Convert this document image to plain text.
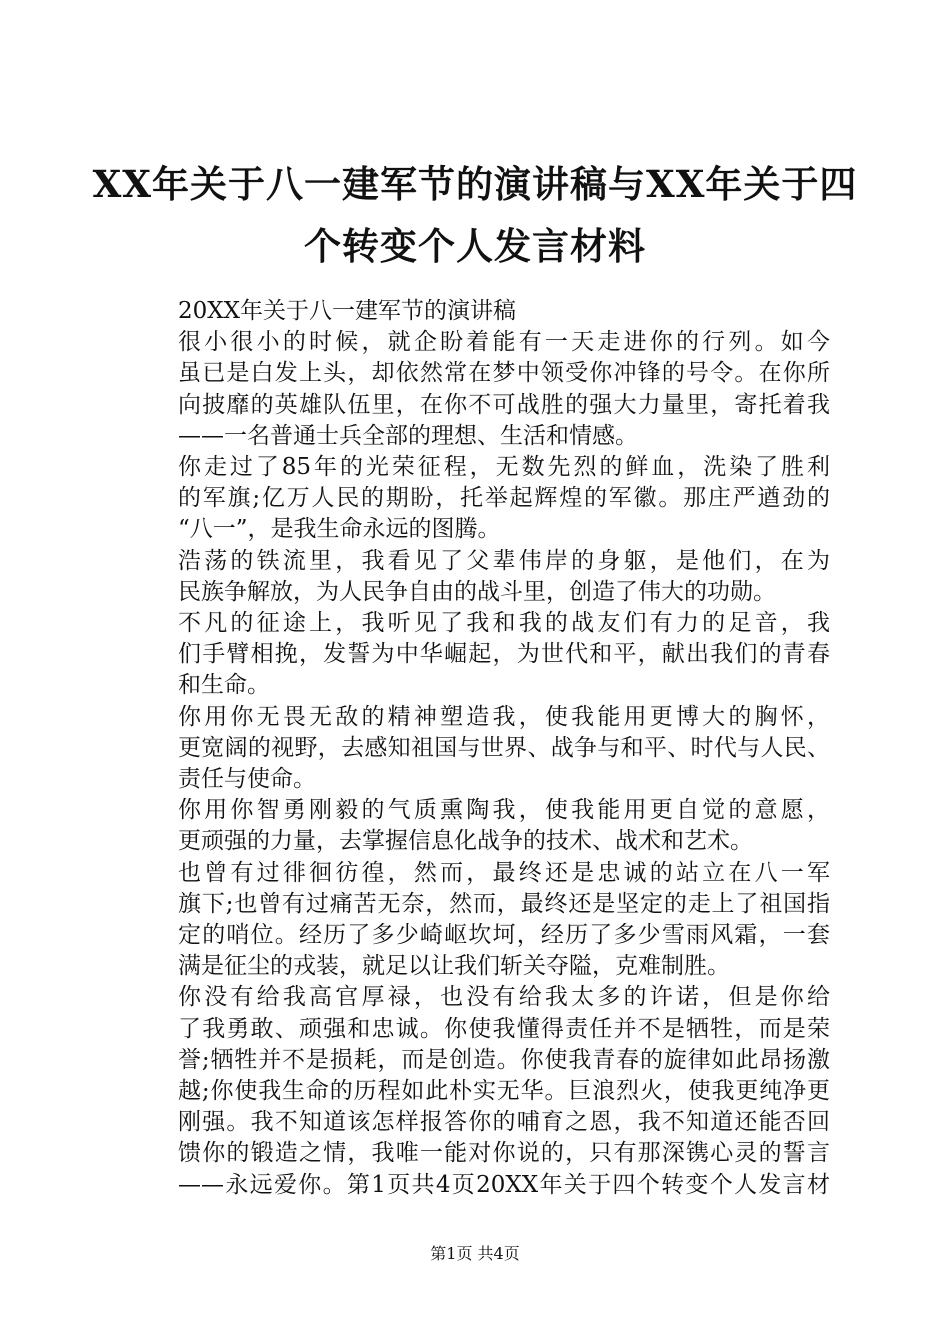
XX年关于八一建军节的演讲稿与XX年关于四
个转变个人发言材料

20XX年关于八一建军节的演讲稿

很小很小的时候，就企盼着能有一天走进你的行列。如今
虽已是白发上头，却依然常在梦中领受你冲锋的号令。在你所
向披靡的英雄队伍里，在你不可战胜的强大力量里，寄托着我
——一名普通士兵全部的理想、生活和情感。

你走过了85年的光荣征程，无数先烈的鲜血，洗染了胜利
的军旗;亿万人民的期盼，托举起辉煌的军徽。那庄严遒劲的
“八一”，是我生命永远的图腾。

浩荡的铁流里，我看见了父辈伟岸的身躯，是他们，在为
民族争解放，为人民争自由的战斗里，创造了伟大的功勋。

不凡的征途上，我听见了我和我的战友们有力的足音，我
们手臂相挽，发誓为中华崛起，为世代和平，献出我们的青春
和生命。

你用你无畏无敌的精神塑造我，使我能用更博大的胸怀，
更宽阔的视野，去感知祖国与世界、战争与和平、时代与人民、
责任与使命。

你用你智勇刚毅的气质熏陶我，使我能用更自觉的意愿，
更顽强的力量，去掌握信息化战争的技术、战术和艺术。

也曾有过徘徊彷徨，然而，最终还是忠诚的站立在八一军
旗下;也曾有过痛苦无奈，然而，最终还是坚定的走上了祖国指
定的哨位。经历了多少崎岖坎坷，经历了多少雪雨风霜，一套
满是征尘的戎装，就足以让我们斩关夺隘，克难制胜。

你没有给我高官厚禄，也没有给我太多的许诺，但是你给
了我勇敢、顽强和忠诚。你使我懂得责任并不是牺牲，而是荣
誉;牺牲并不是损耗，而是创造。你使我青春的旋律如此昂扬激
越;你使我生命的历程如此朴实无华。巨浪烈火，使我更纯净更
刚强。我不知道该怎样报答你的哺育之恩，我不知道还能否回
馈你的锻造之情，我唯一能对你说的，只有那深镌心灵的誓言
——永远爱你。第1页共4页20XX年关于四个转变个人发言材

第1页 共4页
